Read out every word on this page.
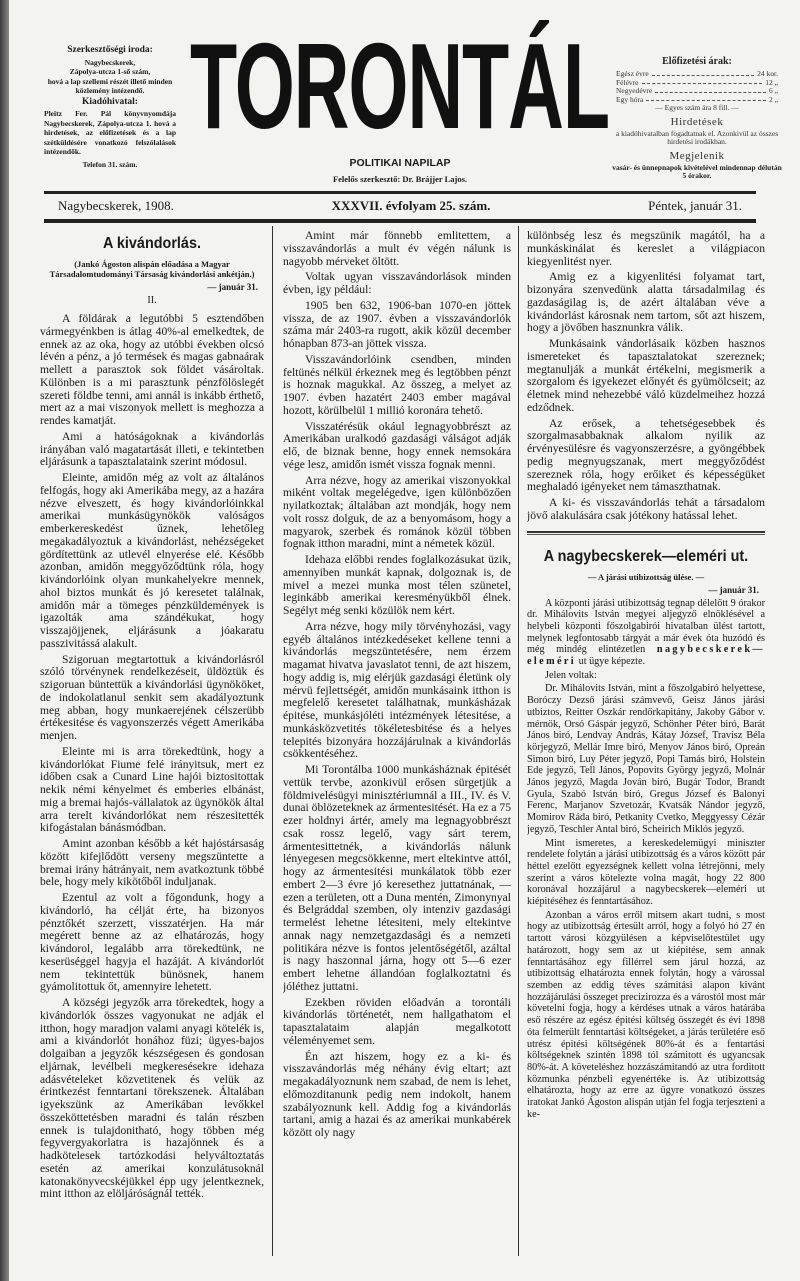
Szerkesztőségi iroda:
Nagybecskerek,
Zápolya-utcza 1-ső szám,
hová a lap szellemi részét illető minden közlemény intézendő.
Kiadóhivatal:
Pleitz Fer. Pál könyvnyomdája Nagybecskerek, Zápolya-utcza 1. hová a hirdetések, az előfizetések és a lap szétküldésére vonatkozó felszólalások intézendők.
Telefon 31. szám.
TORONTÁL
POLITIKAI NAPILAP
Felelős szerkesztő: Dr. Brájjer Lajos.
Előfizetési árak:
Egész évre	24 kor.
Félévre	12 „
Negyedévre	6 „
Egy hóra	2 „
— Egyes szám ára 8 fill. —
Hirdetések
a kiadóhivatalban fogadtatnak el. Azonkivül az összes hirdetési irodákban.
Megjelenik
vasár- és ünnepnapok kivételével mindennap délután 5 órakor.
Nagybecskerek, 1908.	XXXVII. évfolyam 25. szám.	Péntek, január 31.
A kivándorlás.
(Jankó Ágoston alispán előadása a Magyar Társadalomtudományi Társaság kivándorlási ankétján.)
— január 31.
II.

A földárak a legutóbbi 5 esztendőben vármegyénkben is átlag 40%-al emelkedtek, de ennek az az oka, hogy az utóbbi években olcsó lévén a pénz, a jó termések és magas gabnaárak mellett a parasztok sok földet vásároltak. Különben is a mi parasztunk pénzfölöslegét szereti földbe tenni, ami annál is inkább érthető, mert az a mai viszonyok mellett is meghozza a rendes kamatját.

Ami a hatóságoknak a kivándorlás irányában való magatartását illeti, e tekintetben eljárásunk a tapasztalataink szerint módosul.

Eleinte, amidőn még az volt az általános felfogás, hogy aki Amerikába megy, az a hazára nézve elveszett, és hogy kivándorlóinkkal amerikai munkásügynökök valóságos emberkereskedést űznek, lehetőleg megakadályoztuk a kivándorlást, nehézségeket gördítettünk az utlevél elnyerése elé. Később azonban, amidőn meggyőződtünk róla, hogy kivándorlóink olyan munkahelyekre mennek, ahol biztos munkát és jó keresetet találnak, amidőn már a tömeges pénzküldemények is igazolták ama szándékukat, hogy visszajöjjenek, eljárásunk a jóakaratu passzivitássá alakult.

Szigoruan megtartottuk a kivándorlásról szóló törvénynek rendelkezéseit, üldöztük és szigoruan büntettük a kivándorlási ügynököket, de indokolatlanul senkit sem akadályoztunk meg abban, hogy munkaerejének célszerübb értékesitése és vagyonszerzés végett Amerikába menjen.

Eleinte mi is arra törekedtünk, hogy a kivándorlókat Fiume felé irányitsuk, mert ez időben csak a Cunard Line hajói biztositottak nekik némi kényelmet és emberies elbánást, mig a bremai hajós-vállalatok az ügynökök által arra terelt kivándorlókat nem részesitették kifogástalan bánásmódban.

Amint azonban később a két hajóstársaság között kifejlődött verseny megszüntette a bremai irány hátrányait, nem avatkoztunk többé bele, hogy mely kikötőből induljanak.

Ezentul az volt a főgondunk, hogy a kivándorló, ha célját érte, ha bizonyos pénztőkét szerzett, visszatérjen. Ha már megérett benne az az elhatározás, hogy kivándorol, legalább arra törekedtünk, ne keserüséggel hagyja el hazáját. A kivándorlót nem tekintettük bünösnek, hanem gyámolitottuk őt, amennyire lehetett.

A községi jegyzők arra törekedtek, hogy a kivándorlók összes vagyonukat ne adják el itthon, hogy maradjon valami anyagi kötelék is, ami a kivándorlót honához füzi; ügyes-bajos dolgaiban a jegyzők készségesen és gondosan eljárnak, levélbeli megkeresésekre idehaza adásvételeket közvetitenek és velük az érintkezést fenntartani törekszenek. Általában igyekszünk az Amerikában levőkkel összeköttetésben maradni és talán részben ennek is tulajdonitható, hogy többen még fegyvergyakorlatra is hazajönnek és a hadkötelesek tartózkodási helyváltoztatás esetén az amerikai konzulátusoknál katonakönyvecskéjükkel épp ugy jelentkeznek, mint itthon az elöljáróságnál tették.

Amint már fönnebb emlitettem, a visszavándorlás a mult év végén nálunk is nagyobb mérveket öltött.

Voltak ugyan visszavándorlások minden évben, igy például:

1905 ben 632, 1906-ban 1070-en jöttek vissza, de az 1907. évben a visszavándorlók száma már 2403-ra rugott, akik közül december hónapban 873-an jöttek vissza.

Visszavándorlóink csendben, minden feltünés nélkül érkeznek meg és legtöbben pénzt is hoznak magukkal. Az összeg, a melyet az 1907. évben hazatért 2403 ember magával hozott, körülbelül 1 millió koronára tehető.

Visszatérésük okául legnagyobbrészt az Amerikában uralkodó gazdasági válságot adják elő, de biznak benne, hogy ennek nemsokára vége lesz, amidőn ismét vissza fognak menni.

Arra nézve, hogy az amerikai viszonyokkal miként voltak megelégedve, igen különbözően nyilatkoztak; általában azt mondják, hogy nem volt rossz dolguk, de az a benyomásom, hogy a magyarok, szerbek és románok közül többen fognak itthon maradni, mint a németek közül.

Idehaza előbbi rendes foglalkozásukat üzik, amennyiben munkát kapnak, dolgoznak is, de mivel a mezei munka most télen szünetel, leginkább amerikai keresményükből élnek. Segélyt még senki közülök nem kért.

Arra nézve, hogy mily törvényhozási, vagy egyéb általános intézkedéseket kellene tenni a kivándorlás megszüntetésére, nem érzem magamat hivatva javaslatot tenni, de azt hiszem, hogy addig is, mig elérjük gazdasági életünk oly mérvü fejlettségét, amidőn munkásaink itthon is megfelelő keresetet találhatnak, munkásházak épitése, munkásjóléti intézmények létesitése, a munkásközvetités tökéletesbitése és a helyes telepités bizonyára hozzájárulnak a kivándorlás csökkentéséhez.

Mi Torontálba 1000 munkásháznak épitését vettük tervbe, azonkivül erősen sürgetjük a földmivelésügyi minisztériumnál a III., IV. és V. dunai öblözeteknek az ármentesitését. Ha ez a 75 ezer holdnyi ártér, amely ma legnagyobbrészt csak rossz legelő, vagy sárt terem, ármentesittetnék, a kivándorlás nálunk lényegesen megcsökkenne, mert eltekintve attól, hogy az ármentesitési munkálatok több ezer embert 2—3 évre jó keresethez juttatnának, — ezen a területen, ott a Duna mentén, Zimonynyal és Belgráddal szemben, oly intenziv gazdasági termelést lehetne létesiteni, mely eltekintve annak nagy nemzetgazdasági és a nemzeti politikára nézve is fontos jelentőségétől, azáltal is nagy haszonnal járna, hogy ott 5—6 ezer embert lehetne állandóan foglalkoztatni és jóléthez juttatni.

Ezekben röviden előadván a torontáli kivándorlás történetét, nem hallgathatom el tapasztalataim alapján megalkotott véleményemet sem.

Én azt hiszem, hogy ez a ki- és visszavándorlás még néhány évig eltart; azt megakadályoznunk nem szabad, de nem is lehet, előmozditanunk pedig nem indokolt, hanem szabályoznunk kell. Addig fog a kivándorlás tartani, amig a hazai és az amerikai munkabérek között oly nagy

különbség lesz és megszünik magától, ha a munkáskinálat és kereslet a világpiacon kiegyenlitést nyer.

Amig ez a kigyenlitési folyamat tart, bizonyára szenvedünk alatta társadalmilag és gazdaságilag is, de azért általában véve a kivándorlást károsnak nem tartom, sőt azt hiszem, hogy a jövőben hasznunkra válik.

Munkásaink vándorlásaik közben hasznos ismereteket és tapasztalatokat szereznek; megtanulják a munkát értékelni, megismerik a szorgalom és igyekezet előnyét és gyümölcseit; az életnek mind nehezebbé váló küzdelmeihez hozzá edződnek.

Az erősek, a tehetségesebbek és szorgalmasabbaknak alkalom nyilik az érvényesülésre és vagyonszerzésre, a gyöngébbek pedig megnyugszanak, mert meggyőződést szereznek róla, hogy erőiket és képességüket meghaladó igényeket nem támaszthatnak.

A ki- és visszavándorlás tehát a társadalom jövő alakulására csak jótékony hatással lehet.

A nagybecskerek—eleméri ut.
— A járási utibizottság ülése. —
— január 31.

A központi járási utibizottság tegnap délelőtt 9 órakor dr. Mihálovits István megyei aljegyző elnöklésével a helybeli központi főszolgabirói hivatalban ülést tartott, melynek legfontosabb tárgyát a már évek óta huzódó és még mindég elintézetlen nagybecskerek—eleméri ut ügye képezte.

Jelen voltak:

Dr. Mihálovits István, mint a főszolgabiró helyettese, Boróczy Dezső járási számvevő, Geisz János járási utbiztos, Reitter Oszkár rendőrkapitány, Jakoby Gábor v. mérnök, Orsó Gáspár jegyző, Schönher Péter biró, Barát János biró, Lendvay András, Kátay József, Travisz Béla körjegyző, Mellár Imre biró, Menyov János biró, Opreán Simon biró, Luy Péter jegyző, Popi Tamás biró, Holstein Ede jegyző, Tell János, Popovits György jegyző, Molnár János jegyző, Magda Jován biró, Bugár Todor, Brandt Gyula, Szabó István biró, Gregus József és Balonyi Ferenc, Marjanov Szvetozár, Kvatsák Nándor jegyző, Momirov Ráda biró, Petkanity Cvetko, Meggyessy Cézár jegyző, Teschler Antal biró, Scheirich Miklós jegyző.

Mint ismeretes, a kereskedelemügyi miniszter rendelete folytán a járási utibizottság és a város között pár héttel ezelőtt egyezségnek kellett volna létrejönni, mely szerint a város kötelezte volna magát, hogy 22 800 koronával hozzájárul a nagybecskerek—eleméri ut kiépitéséhez és fenntartásához.

Azonban a város erről mitsem akart tudni, s most hogy az utibizottság értesült arról, hogy a folyó hó 27 én tartott városi közgyülésen a képviselőtestület ugy határozott, hogy sem az ut kiépitése, sem annak fenntartásához egy fillérrel sem járul hozzá, az utibizottság elhatározta ennek folytán, hogy a várossal szemben az eddig téves számitási alapon kivánt hozzájárulási összeget precizirozza és a várostól most már követelni fogja, hogy a kérdéses utnak a város határába eső részére az egész épitési költség összegét és évi 1898 óta felmerült fenntartási költségeket, a járás területére eső utrész épitési költségének 80%-át és a fentartási költségeknek szintén 1898 tól számitott és ugyancsak 80%-át. A követeléshez hozzászámitandó az utra forditott közmunka pénzbeli egyenértéke is. Az utibizottság elhatározta, hogy az erre az ügyre vonatkozó összes iratokat Jankó Ágoston alispán utján fel fogja terjeszteni a ke-
